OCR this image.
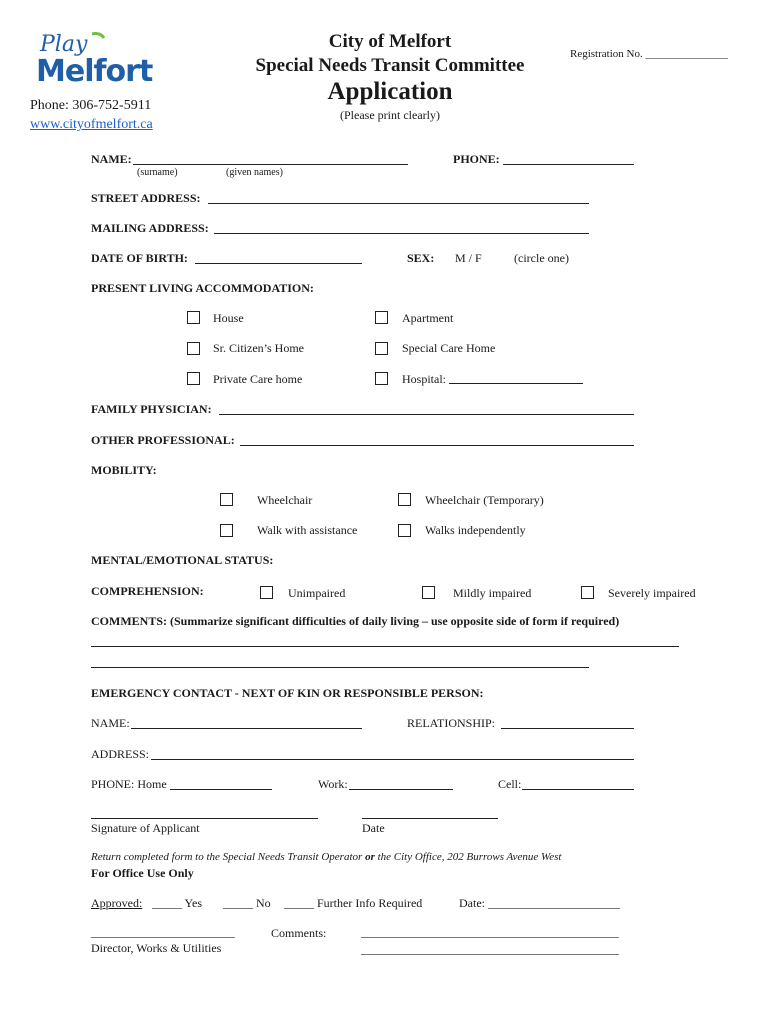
Play
Melfort
Phone: 306-752-5911
www.cityofmelfort.ca
City of Melfort
Special Needs Transit Committee
Application
(Please print clearly)
Registration No. _______________
NAME:
(surname)	(given names)
PHONE:
STREET ADDRESS:
MAILING ADDRESS:
DATE OF BIRTH:	SEX: M / F	(circle one)
PRESENT LIVING ACCOMMODATION:
House	Apartment
Sr. Citizen’s Home	Special Care Home
Private Care home	Hospital:
FAMILY PHYSICIAN:
OTHER PROFESSIONAL:
MOBILITY:
Wheelchair	Wheelchair (Temporary)
Walk with assistance	Walks independently
MENTAL/EMOTIONAL STATUS:
COMPREHENSION:	Unimpaired	Mildly impaired	Severely impaired
COMMENTS: (Summarize significant difficulties of daily living – use opposite side of form if required)
EMERGENCY CONTACT - NEXT OF KIN OR RESPONSIBLE PERSON:
NAME:	RELATIONSHIP:
ADDRESS:
PHONE: Home	Work:	Cell:
Signature of Applicant	Date
Return completed form to the Special Needs Transit Operator or the City Office, 202 Burrows Avenue West
For Office Use Only
Approved: _____ Yes _____ No _____ Further Info Required	Date: ______________________
________________________
Director, Works & Utilities
Comments:	___________________________________________
___________________________________________
